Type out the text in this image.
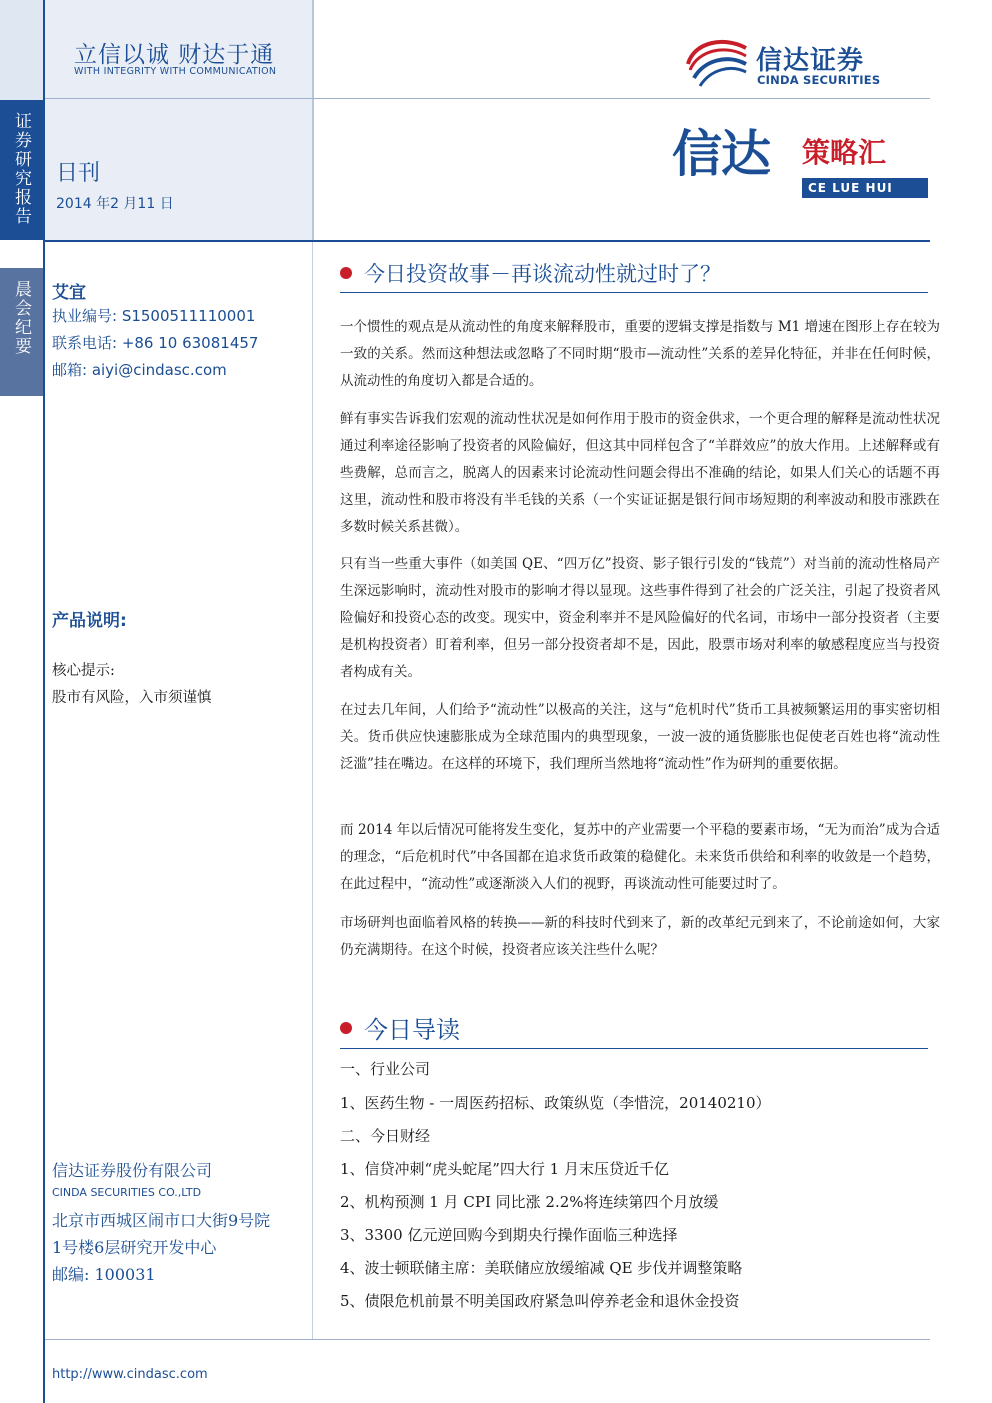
证券研究报告
晨会纪要
立信以诚 财达于通
WITH INTEGRITY WITH COMMUNICATION
日刊
2014 年2 月11 日
信达证券
CINDA SECURITIES
信达 策略汇
CE LUE HUI
艾宜
执业编号: S1500511110001
联系电话: +86 10 63081457
邮箱: aiyi@cindasc.com
产品说明:
核心提示:
股市有风险，入市须谨慎
信达证券股份有限公司
CINDA SECURITIES CO.,LTD
北京市西城区闹市口大街9号院
1号楼6层研究开发中心
邮编: 100031
http://www.cindasc.com
今日投资故事－再谈流动性就过时了？
一个惯性的观点是从流动性的角度来解释股市，重要的逻辑支撑是指数与 M1 增速在图形上存在较为一致的关系。然而这种想法或忽略了不同时期“股市—流动性”关系的差异化特征，并非在任何时候，从流动性的角度切入都是合适的。
鲜有事实告诉我们宏观的流动性状况是如何作用于股市的资金供求，一个更合理的解释是流动性状况通过利率途径影响了投资者的风险偏好，但这其中同样包含了“羊群效应”的放大作用。上述解释或有些费解，总而言之，脱离人的因素来讨论流动性问题会得出不准确的结论，如果人们关心的话题不再这里，流动性和股市将没有半毛钱的关系（一个实证证据是银行间市场短期的利率波动和股市涨跌在多数时候关系甚微）。
只有当一些重大事件（如美国 QE、“四万亿”投资、影子银行引发的“钱荒”）对当前的流动性格局产生深远影响时，流动性对股市的影响才得以显现。这些事件得到了社会的广泛关注，引起了投资者风险偏好和投资心态的改变。现实中，资金利率并不是风险偏好的代名词，市场中一部分投资者（主要是机构投资者）盯着利率，但另一部分投资者却不是，因此，股票市场对利率的敏感程度应当与投资者构成有关。
在过去几年间，人们给予“流动性”以极高的关注，这与“危机时代”货币工具被频繁运用的事实密切相关。货币供应快速膨胀成为全球范围内的典型现象，一波一波的通货膨胀也促使老百姓也将“流动性泛滥”挂在嘴边。在这样的环境下，我们理所当然地将“流动性”作为研判的重要依据。
而 2014 年以后情况可能将发生变化，复苏中的产业需要一个平稳的要素市场，“无为而治”成为合适的理念，“后危机时代”中各国都在追求货币政策的稳健化。未来货币供给和利率的收敛是一个趋势，在此过程中，“流动性”或逐渐淡入人们的视野，再谈流动性可能要过时了。
市场研判也面临着风格的转换——新的科技时代到来了，新的改革纪元到来了，不论前途如何，大家仍充满期待。在这个时候，投资者应该关注些什么呢？
今日导读
一、行业公司
1、医药生物 - 一周医药招标、政策纵览（李惜浣，20140210）
二、今日财经
1、信贷冲刺“虎头蛇尾”四大行 1 月末压贷近千亿
2、机构预测 1 月 CPI 同比涨 2.2%将连续第四个月放缓
3、3300 亿元逆回购今到期央行操作面临三种选择
4、波士顿联储主席：美联储应放缓缩减 QE 步伐并调整策略
5、债限危机前景不明美国政府紧急叫停养老金和退休金投资
